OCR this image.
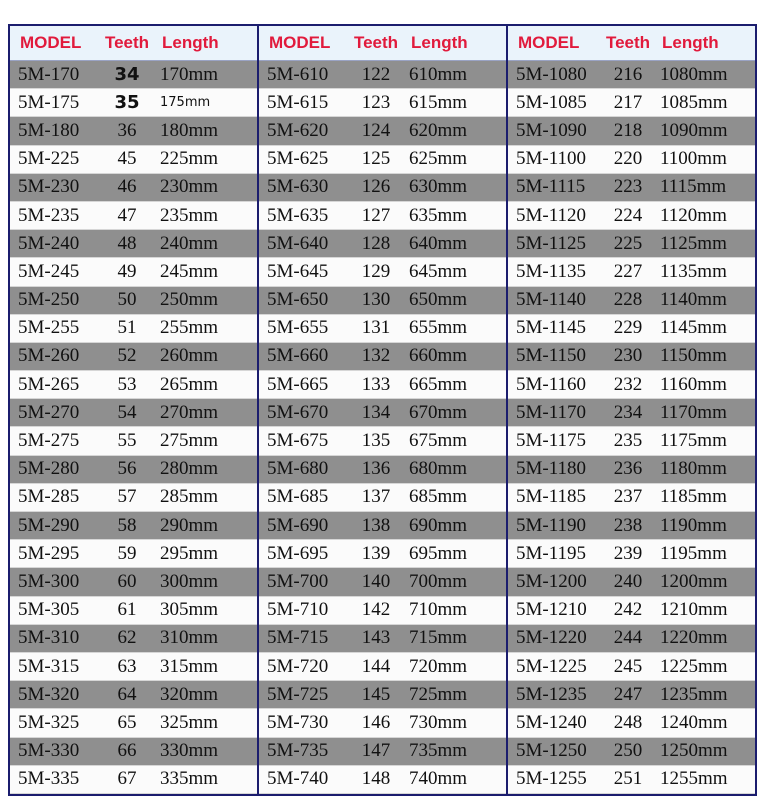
MODEL	Teeth Length
5M-170	34	170mm
5M-175	35	175mm
5M-180	36	180mm
5M-225	45	225mm
5M-230	46	230mm
5M-235	47	235mm
5M-240	48	240mm
5M-245	49	245mm
5M-250	50	250mm
5M-255	51	255mm
5M-260	52	260mm
5M-265	53	265mm
5M-270	54	270mm
5M-275	55	275mm
5M-280	56	280mm
5M-285	57	285mm
5M-290	58	290mm
5M-295	59	295mm
5M-300	60	300mm
5M-305	61	305mm
5M-310	62	310mm
5M-315	63	315mm
5M-320	64	320mm
5M-325	65	325mm
5M-330	66	330mm
5M-335	67	335mm
MODEL	Teeth Length
5M-610	122 610mm
5M-615	123 615mm
5M-620	124 620mm
5M-625	125 625mm
5M-630	126 630mm
5M-635	127 635mm
5M-640	128 640mm
5M-645	129 645mm
5M-650	130 650mm
5M-655	131 655mm
5M-660	132 660mm
5M-665	133 665mm
5M-670	134 670mm
5M-675	135 675mm
5M-680	136 680mm
5M-685	137 685mm
5M-690	138 690mm
5M-695	139 695mm
5M-700	140 700mm
5M-710	142 710mm
5M-715	143 715mm
5M-720	144 720mm
5M-725	145 725mm
5M-730	146 730mm
5M-735	147 735mm
5M-740	148 740mm
MODEL	Teeth Length
5M-1080	216 1080mm
5M-1085	217 1085mm
5M-1090	218 1090mm
5M-1100	220 1100mm
5M-1115	223 1115mm
5M-1120	224 1120mm
5M-1125	225 1125mm
5M-1135	227 1135mm
5M-1140	228 1140mm
5M-1145	229 1145mm
5M-1150	230 1150mm
5M-1160	232 1160mm
5M-1170	234 1170mm
5M-1175	235 1175mm
5M-1180	236 1180mm
5M-1185	237 1185mm
5M-1190	238 1190mm
5M-1195	239 1195mm
5M-1200	240 1200mm
5M-1210	242 1210mm
5M-1220	244 1220mm
5M-1225	245 1225mm
5M-1235	247 1235mm
5M-1240	248 1240mm
5M-1250	250 1250mm
5M-1255	251 1255mm
